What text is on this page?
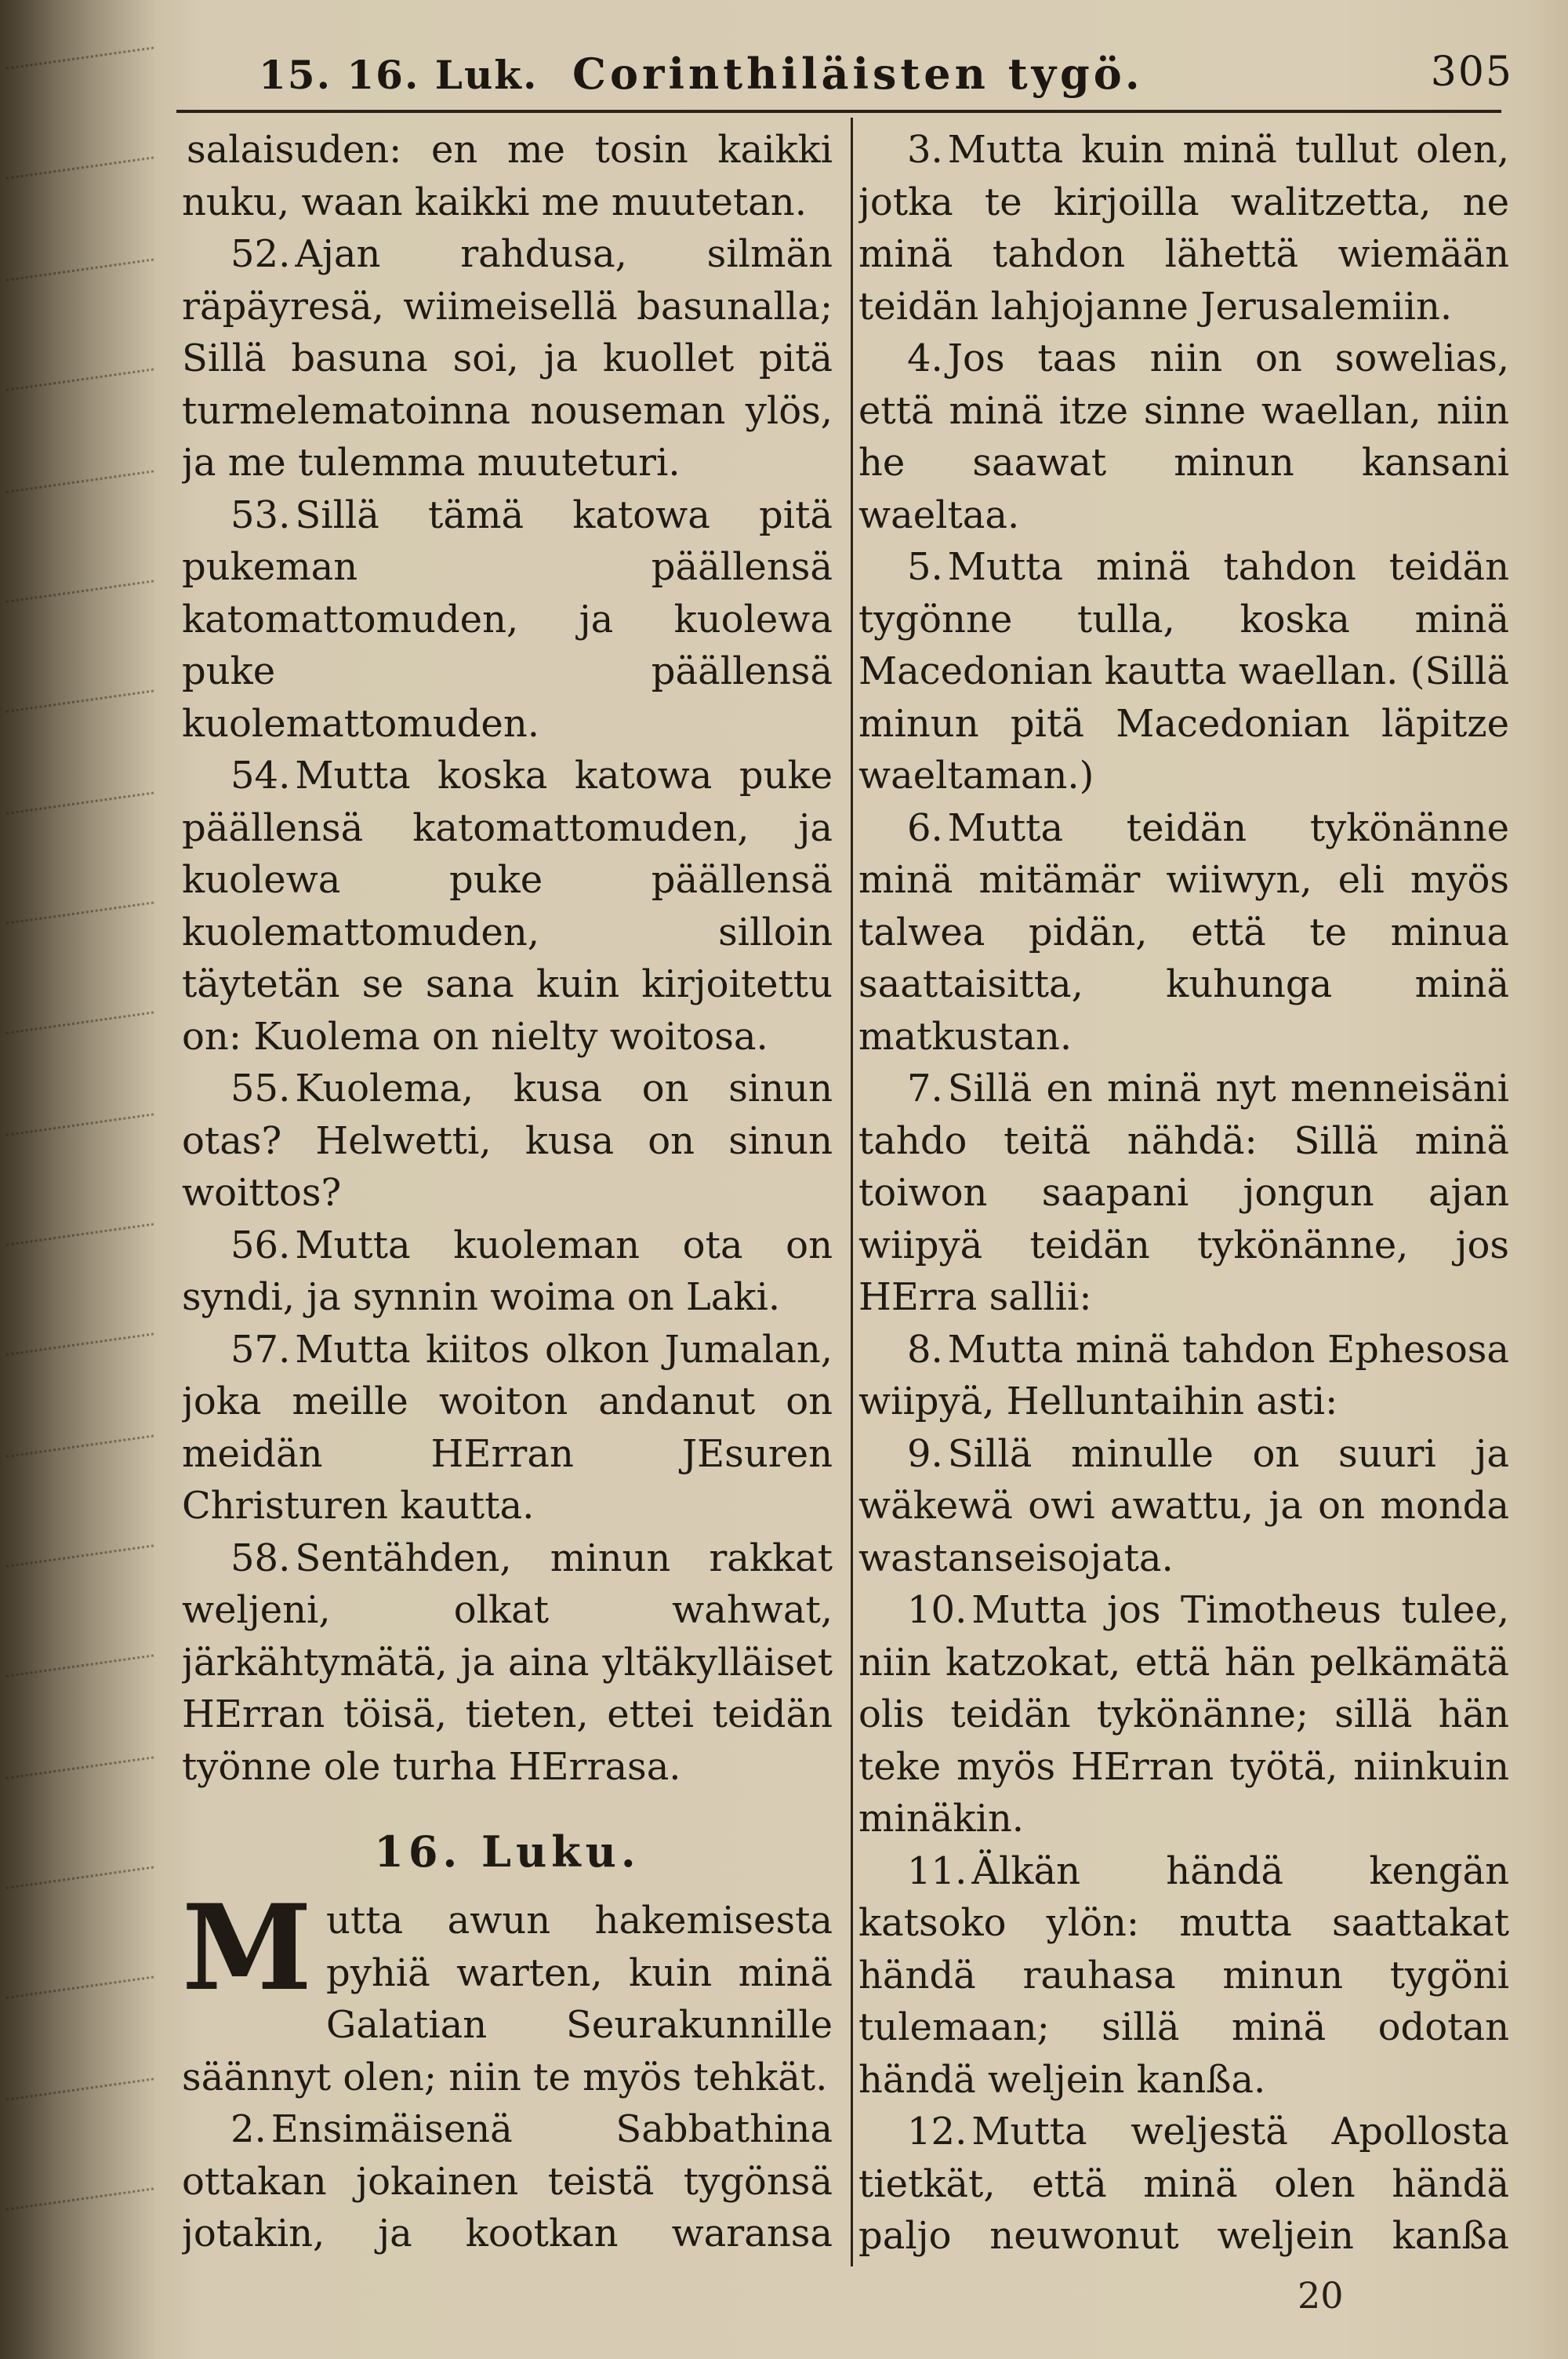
15. 16. Luk. Corinthiläisten tygö.	305

salaisuden: en me tosin kaikki nuku, waan kaikki me muutetan.

52. Ajan rahdusa, silmän räpäyresä, wiimeisellä basunalla; Sillä basuna soi, ja kuollet pitä turmelematoinna nouseman ylös, ja me tulemma muuteturi.

53. Sillä tämä katowa pitä pukeman päällensä katomattomuden, ja kuolewa puke päällensä kuolemattomuden.

54. Mutta koska katowa puke päällensä katomattomuden, ja kuolewa puke päällensä kuolemattomuden, silloin täytetän se sana kuin kirjoitettu on: Kuolema on nielty woitosa.

55. Kuolema, kusa on sinun otas? Helwetti, kusa on sinun woittos?

56. Mutta kuoleman ota on syndi, ja synnin woima on Laki.

57. Mutta kiitos olkon Jumalan, joka meille woiton andanut on meidän HErran JEsuren Christuren kautta.

58. Sentähden, minun rakkat weljeni, olkat wahwat, järkähtymätä, ja aina yltäkylläiset HErran töisä, tieten, ettei teidän työnne ole turha HErrasa.

16. Luku.

Mutta awun hakemisesta pyhiä warten, kuin minä Galatian Seurakunnille säännyt olen; niin te myös tehkät.

2. Ensimäisenä Sabbathina ottakan jokainen teistä tygönsä jotakin, ja kootkan waransa

3. Mutta kuin minä tullut olen, jotka te kirjoilla walitzetta, ne minä tahdon lähettä wiemään teidän lahjojanne Jerusalemiin.

4. Jos taas niin on sowelias, että minä itze sinne waellan, niin he saawat minun kansani waeltaa.

5. Mutta minä tahdon teidän tygönne tulla, koska minä Macedonian kautta waellan. (Sillä minun pitä Macedonian läpitze waeltaman.)

6. Mutta teidän tykönänne minä mitämär wiiwyn, eli myös talwea pidän, että te minua saattaisitta, kuhunga minä matkustan.

7. Sillä en minä nyt menneisäni tahdo teitä nähdä: Sillä minä toiwon saapani jongun ajan wiipyä teidän tykönänne, jos HErra sallii:

8. Mutta minä tahdon Ephesosa wiipyä, Helluntaihin asti:

9. Sillä minulle on suuri ja wäkewä owi awattu, ja on monda wastanseisojata.

10. Mutta jos Timotheus tulee, niin katzokat, että hän pelkämätä olis teidän tykönänne; sillä hän teke myös HErran työtä, niinkuin minäkin.

11. Älkän händä kengän katsoko ylön: mutta saattakat händä rauhasa minun tygöni tulemaan; sillä minä odotan händä weljein kanßa.

12. Mutta weljestä Apollosta tietkät, että minä olen händä paljo neuwonut weljein kanßa

20
